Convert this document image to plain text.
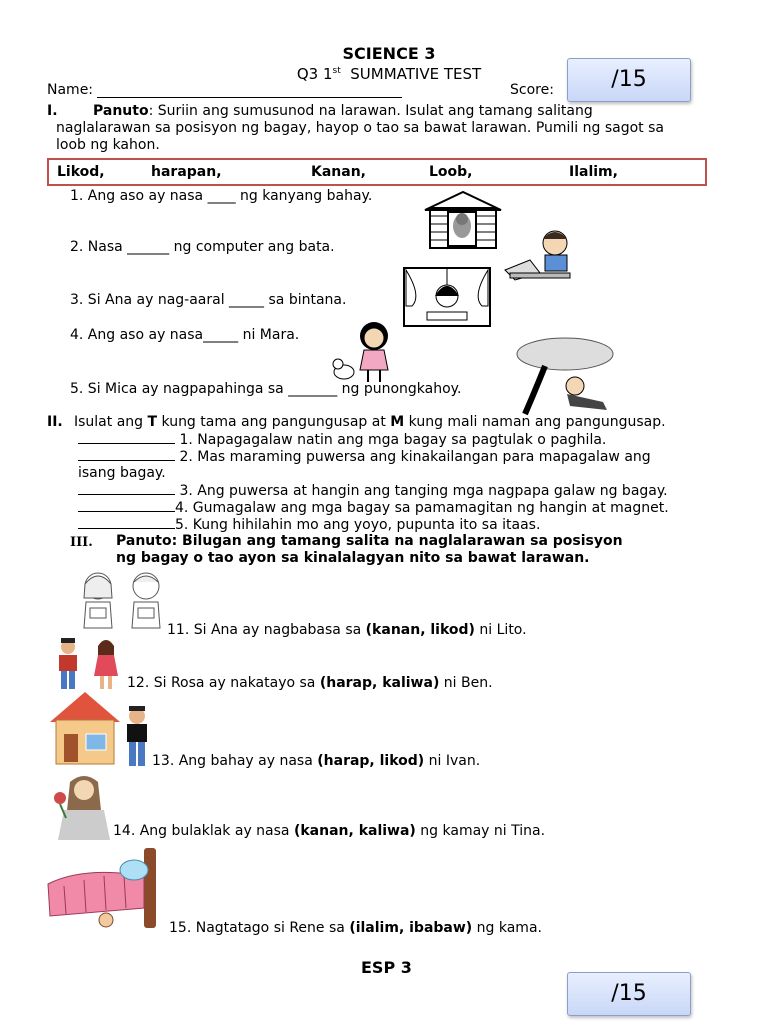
SCIENCE 3
Q3 1st SUMMATIVE TEST
Name:	Score:	/15
I.	Panuto: Suriin ang sumusunod na larawan. Isulat ang tamang salitang
naglalarawan sa posisyon ng bagay, hayop o tao sa bawat larawan. Pumili ng sagot sa
loob ng kahon.
Likod,	harapan,	Kanan,	Loob,	Ilalim,
1. Ang aso ay nasa ____ ng kanyang bahay.
2. Nasa ______ ng computer ang bata.
3. Si Ana ay nag-aaral _____ sa bintana.
4. Ang aso ay nasa_____ ni Mara.
5. Si Mica ay nagpapahinga sa _______ ng punongkahoy.
II. Isulat ang T kung tama ang pangungusap at M kung mali naman ang pangungusap.
1. Napagagalaw natin ang mga bagay sa pagtulak o paghila.
2. Mas maraming puwersa ang kinakailangan para mapagalaw ang
isang bagay.
3. Ang puwersa at hangin ang tanging mga nagpapa galaw ng bagay.
4. Gumagalaw ang mga bagay sa pamamagitan ng hangin at magnet.
5. Kung hihilahin mo ang yoyo, pupunta ito sa itaas.
III. Panuto: Bilugan ang tamang salita na naglalarawan sa posisyon
ng bagay o tao ayon sa kinalalagyan nito sa bawat larawan.
11. Si Ana ay nagbabasa sa (kanan, likod) ni Lito.
12. Si Rosa ay nakatayo sa (harap, kaliwa) ni Ben.
13. Ang bahay ay nasa (harap, likod) ni Ivan.
14. Ang bulaklak ay nasa (kanan, kaliwa) ng kamay ni Tina.
15. Nagtatago si Rene sa (ilalim, ibabaw) ng kama.
ESP 3
/15
